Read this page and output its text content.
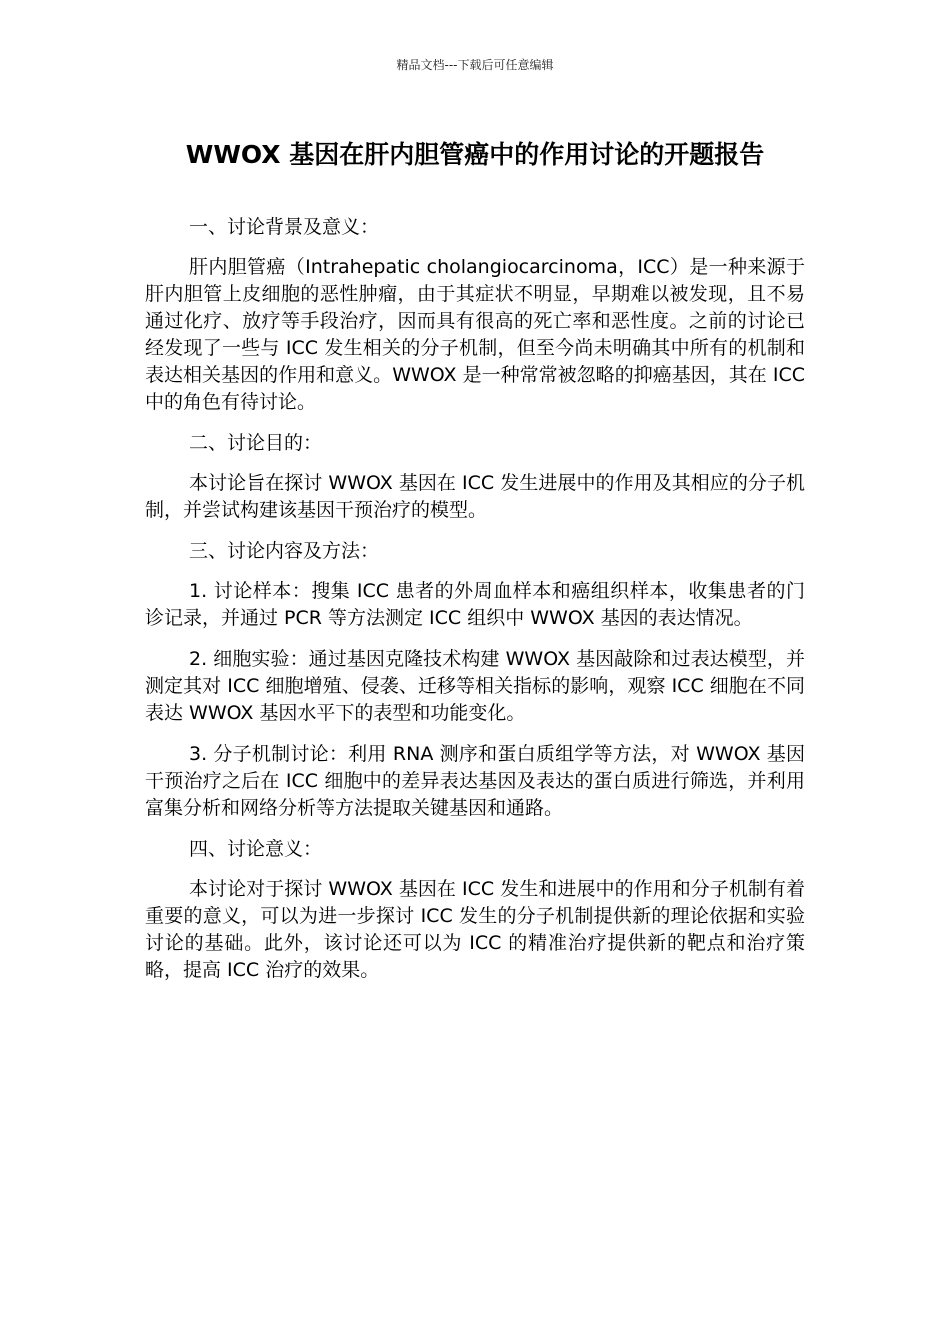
精品文档---下载后可任意编辑
WWOX 基因在肝内胆管癌中的作用讨论的开题报告

一、讨论背景及意义：

肝内胆管癌（Intrahepatic cholangiocarcinoma，ICC）是一种来源于肝内胆管上皮细胞的恶性肿瘤，由于其症状不明显，早期难以被发现，且不易通过化疗、放疗等手段治疗，因而具有很高的死亡率和恶性度。之前的讨论已经发现了一些与 ICC 发生相关的分子机制，但至今尚未明确其中所有的机制和表达相关基因的作用和意义。WWOX 是一种常常被忽略的抑癌基因，其在 ICC 中的角色有待讨论。

二、讨论目的：

本讨论旨在探讨 WWOX 基因在 ICC 发生进展中的作用及其相应的分子机制，并尝试构建该基因干预治疗的模型。

三、讨论内容及方法：

1. 讨论样本：搜集 ICC 患者的外周血样本和癌组织样本，收集患者的门诊记录，并通过 PCR 等方法测定 ICC 组织中 WWOX 基因的表达情况。

2. 细胞实验：通过基因克隆技术构建 WWOX 基因敲除和过表达模型，并测定其对 ICC 细胞增殖、侵袭、迁移等相关指标的影响，观察 ICC 细胞在不同表达 WWOX 基因水平下的表型和功能变化。

3. 分子机制讨论：利用 RNA 测序和蛋白质组学等方法，对 WWOX 基因干预治疗之后在 ICC 细胞中的差异表达基因及表达的蛋白质进行筛选，并利用富集分析和网络分析等方法提取关键基因和通路。

四、讨论意义：

本讨论对于探讨 WWOX 基因在 ICC 发生和进展中的作用和分子机制有着重要的意义，可以为进一步探讨 ICC 发生的分子机制提供新的理论依据和实验讨论的基础。此外，该讨论还可以为 ICC 的精准治疗提供新的靶点和治疗策略，提高 ICC 治疗的效果。
